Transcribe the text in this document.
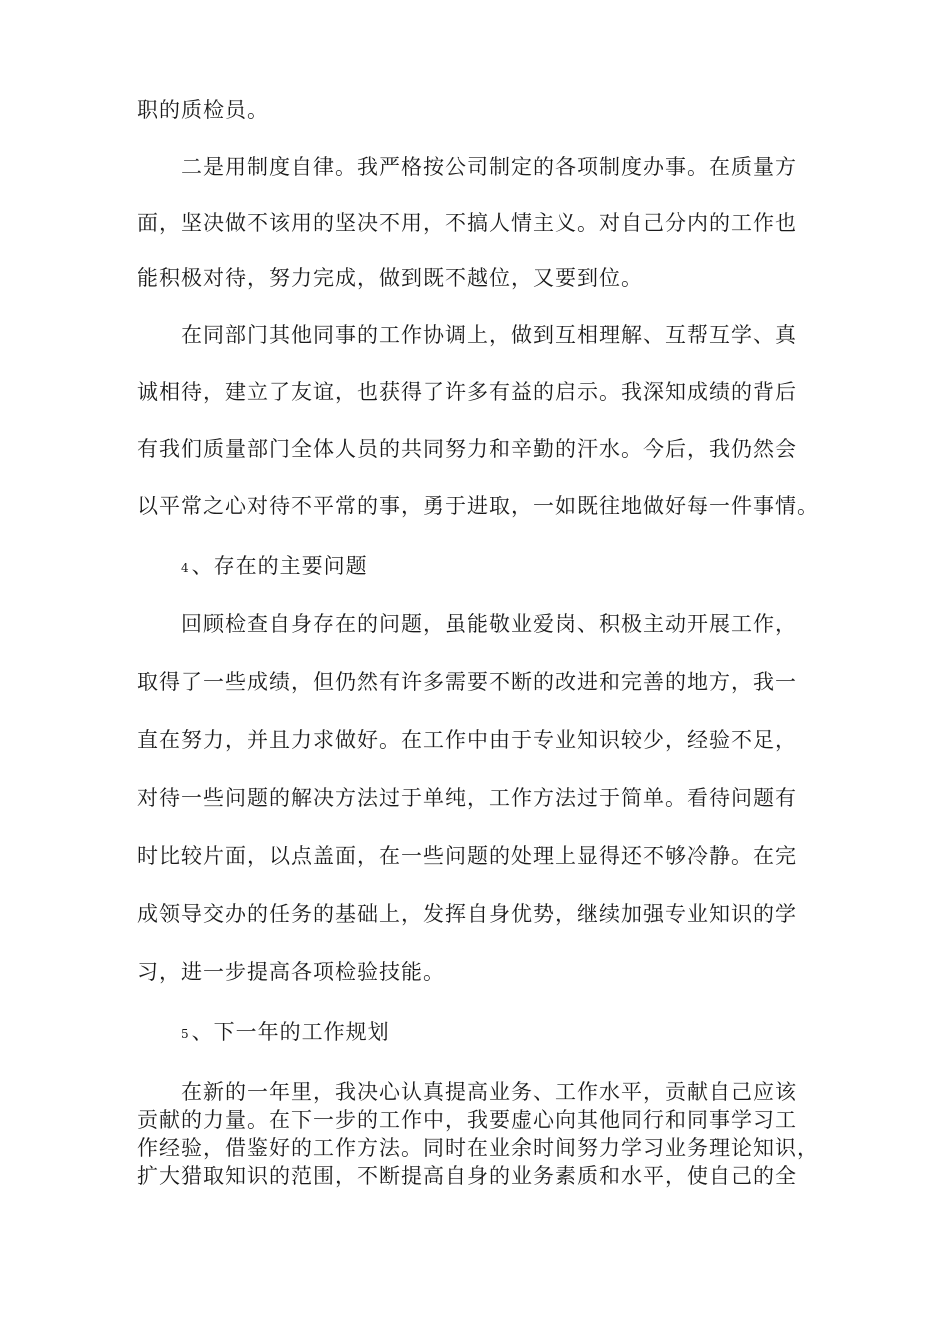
职的质检员。
二是用制度自律。我严格按公司制定的各项制度办事。在质量方
面，坚决做不该用的坚决不用，不搞人情主义。对自己分内的工作也
能积极对待，努力完成，做到既不越位，又要到位。
在同部门其他同事的工作协调上，做到互相理解、互帮互学、真
诚相待，建立了友谊，也获得了许多有益的启示。我深知成绩的背后
有我们质量部门全体人员的共同努力和辛勤的汗水。今后，我仍然会
以平常之心对待不平常的事，勇于进取，一如既往地做好每一件事情。
4、存在的主要问题
回顾检查自身存在的问题，虽能敬业爱岗、积极主动开展工作，
取得了一些成绩，但仍然有许多需要不断的改进和完善的地方，我一
直在努力，并且力求做好。在工作中由于专业知识较少，经验不足，
对待一些问题的解决方法过于单纯，工作方法过于简单。看待问题有
时比较片面，以点盖面，在一些问题的处理上显得还不够冷静。在完
成领导交办的任务的基础上，发挥自身优势，继续加强专业知识的学
习，进一步提高各项检验技能。
5、下一年的工作规划
在新的一年里，我决心认真提高业务、工作水平，贡献自己应该
贡献的力量。在下一步的工作中，我要虚心向其他同行和同事学习工
作经验，借鉴好的工作方法。同时在业余时间努力学习业务理论知识，
扩大猎取知识的范围，不断提高自身的业务素质和水平，使自己的全
